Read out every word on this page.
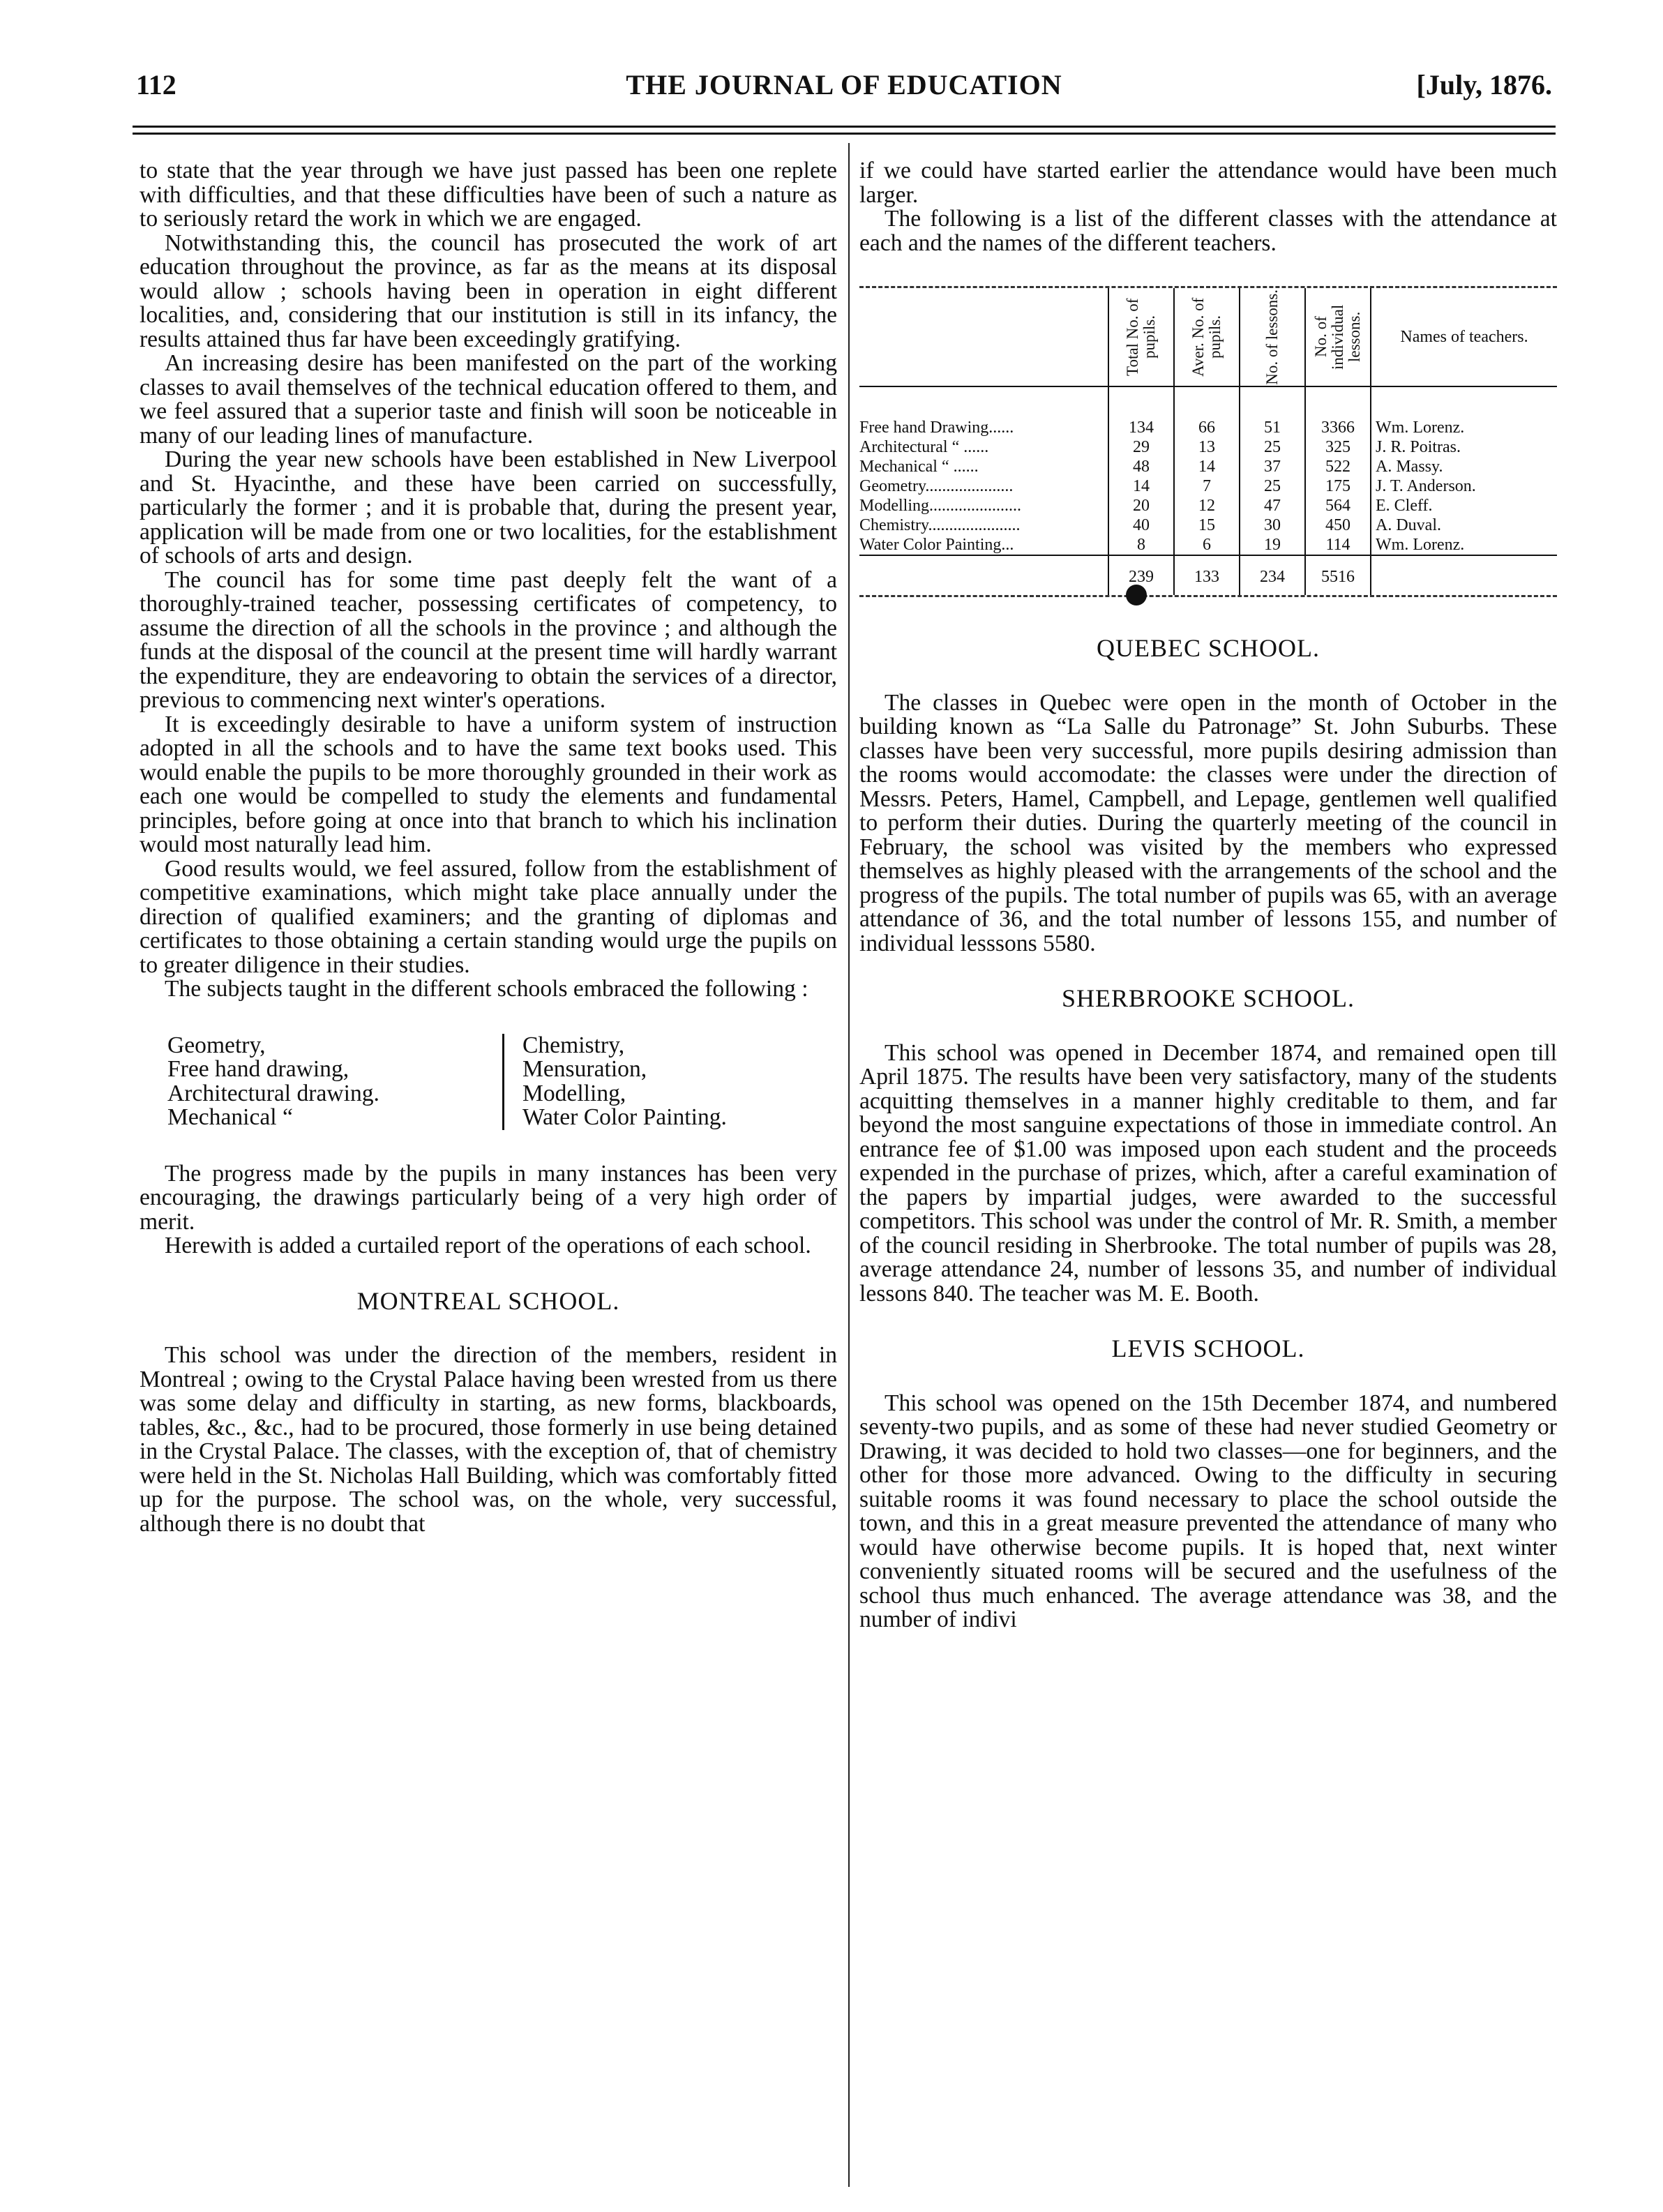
112	THE JOURNAL OF EDUCATION	[July, 1876.

to state that the year through we have just passed has been one replete with difficulties, and that these difficulties have been of such a nature as to seriously retard the work in which we are engaged.

Notwithstanding this, the council has prosecuted the work of art education throughout the province, as far as the means at its disposal would allow ; schools having been in operation in eight different localities, and, considering that our institution is still in its infancy, the results attained thus far have been exceedingly gratifying.

An increasing desire has been manifested on the part of the working classes to avail themselves of the technical education offered to them, and we feel assured that a superior taste and finish will soon be noticeable in many of our leading lines of manufacture.

During the year new schools have been established in New Liverpool and St. Hyacinthe, and these have been carried on successfully, particularly the former ; and it is probable that, during the present year, application will be made from one or two localities, for the establishment of schools of arts and design.

The council has for some time past deeply felt the want of a thoroughly-trained teacher, possessing certificates of competency, to assume the direction of all the schools in the province ; and although the funds at the disposal of the council at the present time will hardly warrant the expenditure, they are endeavoring to obtain the services of a director, previous to commencing next winter's operations.

It is exceedingly desirable to have a uniform system of instruction adopted in all the schools and to have the same text books used. This would enable the pupils to be more thoroughly grounded in their work as each one would be compelled to study the elements and fundamental principles, before going at once into that branch to which his inclination would most naturally lead him.

Good results would, we feel assured, follow from the establishment of competitive examinations, which might take place annually under the direction of qualified examiners; and the granting of diplomas and certificates to those obtaining a certain standing would urge the pupils on to greater diligence in their studies.

The subjects taught in the different schools embraced the following :

Geometry,
Free hand drawing,
Architectural drawing.
Mechanical “
Chemistry,
Mensuration,
Modelling,
Water Color Painting.

The progress made by the pupils in many instances has been very encouraging, the drawings particularly being of a very high order of merit.

Herewith is added a curtailed report of the operations of each school.

MONTREAL SCHOOL.

This school was under the direction of the members, resident in Montreal ; owing to the Crystal Palace having been wrested from us there was some delay and difficulty in starting, as new forms, blackboards, tables, &c., &c., had to be procured, those formerly in use being detained in the Crystal Palace. The classes, with the exception of, that of chemistry were held in the St. Nicholas Hall Building, which was comfortably fitted up for the purpose. The school was, on the whole, very successful, although there is no doubt that

if we could have started earlier the attendance would have been much larger.

The following is a list of the different classes with the attendance at each and the names of the different teachers.

	Total No. of pupils.	Aver. No. of pupils.	No. of lessons.	No. of individual lessons.	Names of teachers.
Free hand Drawing......	134	66	51	3366	Wm. Lorenz.
Architectural “ ......	29	13	25	325	J. R. Poitras.
Mechanical “ ......	48	14	37	522	A. Massy.
Geometry.....................	14	7	25	175	J. T. Anderson.
Modelling......................	20	12	47	564	E. Cleff.
Chemistry......................	40	15	30	450	A. Duval.
Water Color Painting...	8	6	19	114	Wm. Lorenz.
	239	133	234	5516	
QUEBEC SCHOOL.

The classes in Quebec were open in the month of October in the building known as “La Salle du Patronage” St. John Suburbs. These classes have been very successful, more pupils desiring admission than the rooms would accomodate: the classes were under the direction of Messrs. Peters, Hamel, Campbell, and Lepage, gentlemen well qualified to perform their duties. During the quarterly meeting of the council in February, the school was visited by the members who expressed themselves as highly pleased with the arrangements of the school and the progress of the pupils. The total number of pupils was 65, with an average attendance of 36, and the total number of lessons 155, and number of individual lesssons 5580.

SHERBROOKE SCHOOL.

This school was opened in December 1874, and remained open till April 1875. The results have been very satisfactory, many of the students acquitting themselves in a manner highly creditable to them, and far beyond the most sanguine expectations of those in immediate control. An entrance fee of $1.00 was imposed upon each student and the proceeds expended in the purchase of prizes, which, after a careful examination of the papers by impartial judges, were awarded to the successful competitors. This school was under the control of Mr. R. Smith, a member of the council residing in Sherbrooke. The total number of pupils was 28, average attendance 24, number of lessons 35, and number of individual lessons 840. The teacher was M. E. Booth.

LEVIS SCHOOL.

This school was opened on the 15th December 1874, and numbered seventy-two pupils, and as some of these had never studied Geometry or Drawing, it was decided to hold two classes—one for beginners, and the other for those more advanced. Owing to the difficulty in securing suitable rooms it was found necessary to place the school outside the town, and this in a great measure prevented the attendance of many who would have otherwise become pupils. It is hoped that, next winter conveniently situated rooms will be secured and the usefulness of the school thus much enhanced. The average attendance was 38, and the number of indivi
